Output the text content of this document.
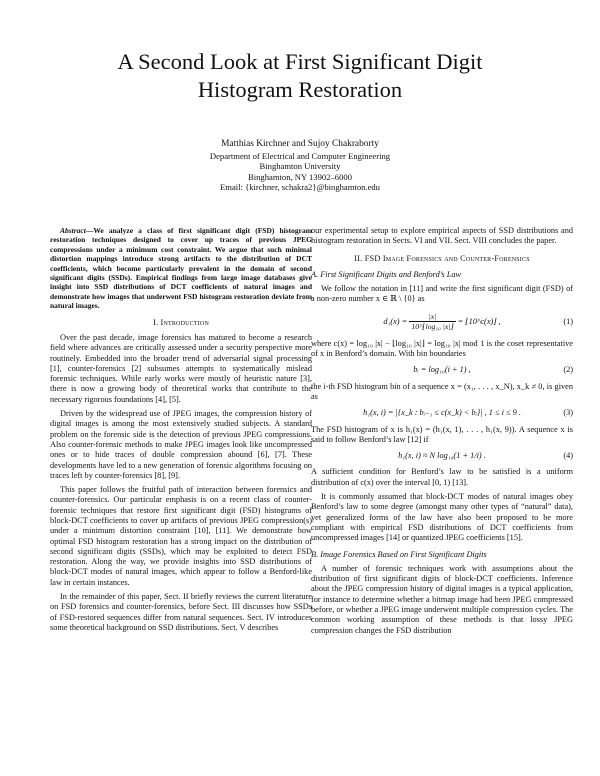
A Second Look at First Significant Digit
Histogram Restoration
Matthias Kirchner and Sujoy Chakraborty
Department of Electrical and Computer Engineering
Binghamton University
Binghamton, NY 13902–6000
Email: {kirchner, schakra2}@binghamton.edu

Abstract—We analyze a class of first significant digit (FSD) histogram restoration techniques designed to cover up traces of previous JPEG compressions under a minimum cost constraint. We argue that such minimal distortion mappings introduce strong artifacts to the distribution of DCT coefficients, which become particularly prevalent in the domain of second significant digits (SSDs). Empirical findings from large image databases give insight into SSD distributions of DCT coefficients of natural images and demonstrate how images that underwent FSD histogram restoration deviate from natural images.

I. Introduction

Over the past decade, image forensics has matured to become a research field where advances are critically assessed under a security perspective more routinely. Embedded into the broader trend of adversarial signal processing [1], counter-forensics [2] subsumes attempts to systematically mislead forensic techniques. While early works were mostly of heuristic nature [3], there is now a growing body of theoretical works that contribute to the necessary rigorous foundations [4], [5].

Driven by the widespread use of JPEG images, the compression history of digital images is among the most extensively studied subjects. A standard problem on the forensic side is the detection of previous JPEG compressions. Also counter-forensic methods to make JPEG images look like uncompressed ones or to hide traces of double compression abound [6], [7]. These developments have led to a new generation of forensic algorithms focusing on traces left by counter-forensics [8], [9].

This paper follows the fruitful path of interaction between forensics and counter-forensics. Our particular emphasis is on a recent class of counter-forensic techniques that restore first significant digit (FSD) histograms of block-DCT coefficients to cover up artifacts of previous JPEG compression(s) under a minimum distortion constraint [10], [11]. We demonstrate how optimal FSD histogram restoration has a strong impact on the distribution of second significant digits (SSDs), which may be exploited to detect FSD restoration. Along the way, we provide insights into SSD distributions of block-DCT modes of natural images, which appear to follow a Benford-like law in certain instances.

In the remainder of this paper, Sect. II briefly reviews the current literature on FSD forensics and counter-forensics, before Sect. III discusses how SSDs of FSD-restored sequences differ from natural sequences. Sect. IV introduces some theoretical background on SSD distributions. Sect. V describes

our experimental setup to explore empirical aspects of SSD distributions and histogram restoration in Sects. VI and VII. Sect. VIII concludes the paper.

II. FSD Image Forensics and Counter-Forensics
A. First Significant Digits and Benford’s Law

We follow the notation in [11] and write the first significant digit (FSD) of a non-zero number x ∈ ℝ \ {0} as

$d_1(x) = \frac{|x|}{\text{10\textasciicircum{}⌊log₁₀ |x|⌋}}$ = ⌊10^c(x)⌋ ,	(1)

where c(x) = log₁₀ |x| − ⌊log₁₀ |x|⌋ = log₁₀ |x| mod 1 is the coset representative of x in Benford’s domain. With bin boundaries

bᵢ = log₁₀(i + 1) ,	(2)

the i-th FSD histogram bin of a sequence x = (x₁, . . . , x_N), x_k ≠ 0, is given as

h₁(x, i) = |{x_k : bᵢ₋₁ ≤ c(x_k) < bᵢ}| , 1 ≤ i ≤ 9 .	(3)

The FSD histogram of x is h₁(x) = (h₁(x, 1), . . . , h₁(x, 9)). A sequence x is said to follow Benford’s law [12] if

h₁(x, i) ≈ N log₁₀(1 + 1/i) .	(4)

A sufficient condition for Benford’s law to be satisfied is a uniform distribution of c(x) over the interval [0, 1) [13].

It is commonly assumed that block-DCT modes of natural images obey Benford’s law to some degree (amongst many other types of “natural” data), yet generalized forms of the law have also been proposed to be more compliant with empirical FSD distributions of DCT coefficients from uncompressed images [14] or quantized JPEG coefficients [15].

B. Image Forensics Based on First Significant Digits

A number of forensic techniques work with assumptions about the distribution of first significant digits of block-DCT coefficients. Inference about the JPEG compression history of digital images is a typical application, for instance to determine whether a bitmap image had been JPEG compressed before, or whether a JPEG image underwent multiple compression cycles. The common working assumption of these methods is that lossy JPEG compression changes the FSD distribution
